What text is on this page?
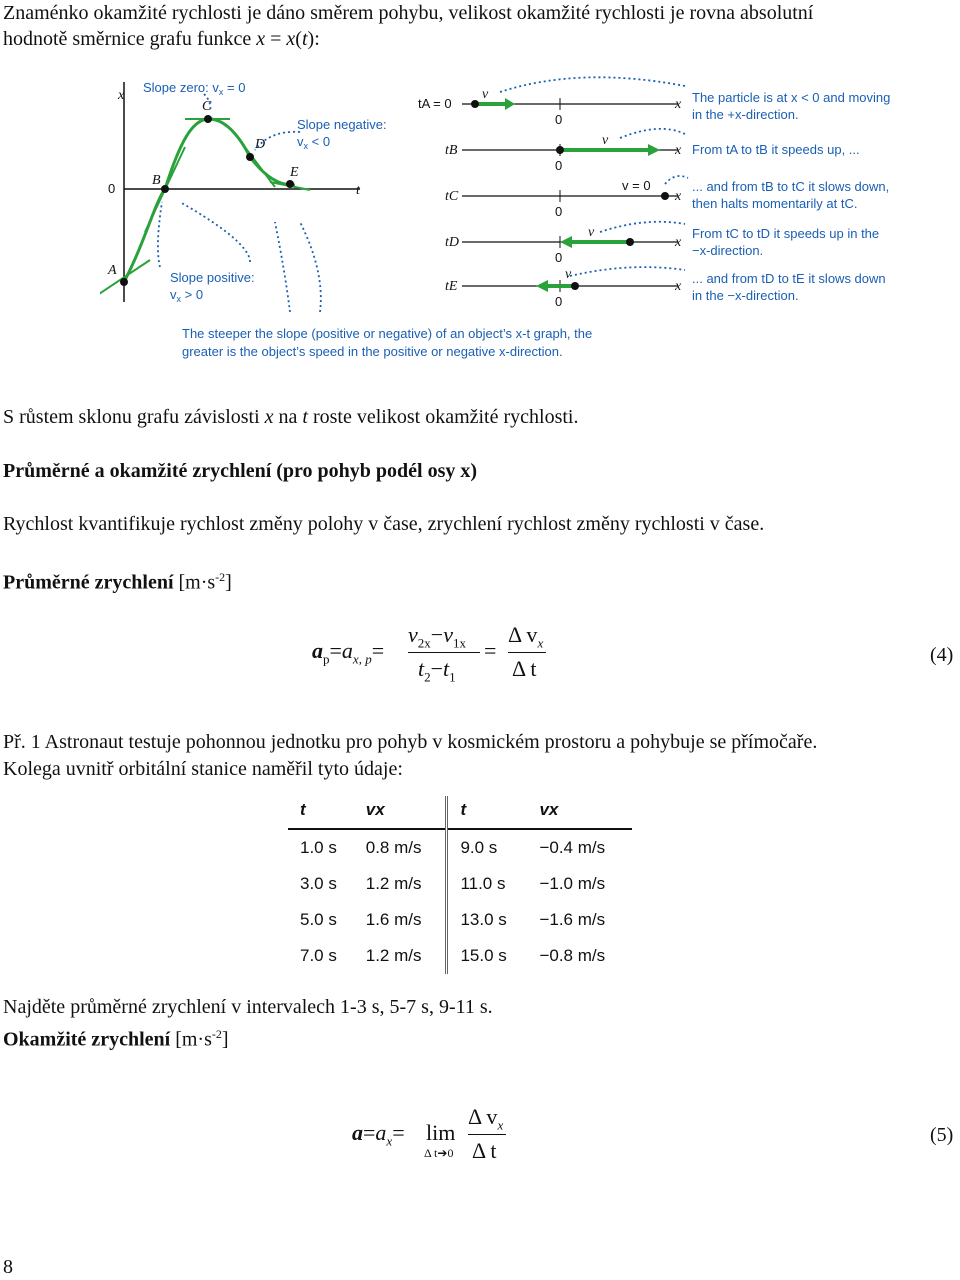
Znaménko okamžité rychlosti je dáno směrem pohybu, velikost okamžité rychlosti je rovna absolutní
hodnotě směrnice grafu funkce x = x(t):
x
0	t
A
B
C
D
E
Slope zero: $v_x = 0$
Slope negative:
$v_x < 0$
Slope positive:
$v_x > 0$
The steeper the slope (positive or negative) of an object’s x-t graph, the
greater is the object’s speed in the positive or negative x-direction.
tA = 0
0
x
v
tB
0
x
v
tC
0
x
v = 0
tD
0
x
v
tE
0
x
v
The particle is at x < 0 and moving
in the +x-direction.
From tA to tB it speeds up, ...
... and from tB to tC it slows down,
then halts momentarily at tC.
From tC to tD it speeds up in the
−x-direction.
... and from tD to tE it slows down
in the −x-direction.
S růstem sklonu grafu závislosti x na t roste velikost okamžité rychlosti.
Průměrné a okamžité zrychlení (pro pohyb podél osy x)
Rychlost kvantifikuje rychlost změny polohy v čase, zrychlení rychlost změny rychlosti v čase.
Průměrné zrychlení $[m\cdot s^{-2}]$
$a_p=a_{x, p}=$
$v_{2x}-v_{1x}$
$t_2-t_1$
=
Δ $v_x$
Δ t
(4)
Př. 1 Astronaut testuje pohonnou jednotku pro pohyb v kosmickém prostoru a pohybuje se přímočaře.
Kolega uvnitř orbitální stanice naměřil tyto údaje:
t	vx	t	vx
1.0 s	0.8 m/s	9.0 s	−0.4 m/s
3.0 s	1.2 m/s	11.0 s	−1.0 m/s
5.0 s	1.6 m/s	13.0 s	−1.6 m/s
7.0 s	1.2 m/s	15.0 s	−0.8 m/s
Najděte průměrné zrychlení v intervalech 1-3 s, 5-7 s, 9-11 s.
Okamžité zrychlení $[m\cdot s^{-2}]$
$a=a_x= \lim$
Δ t➔0
Δ $v_x$
Δ t
(5)
8
